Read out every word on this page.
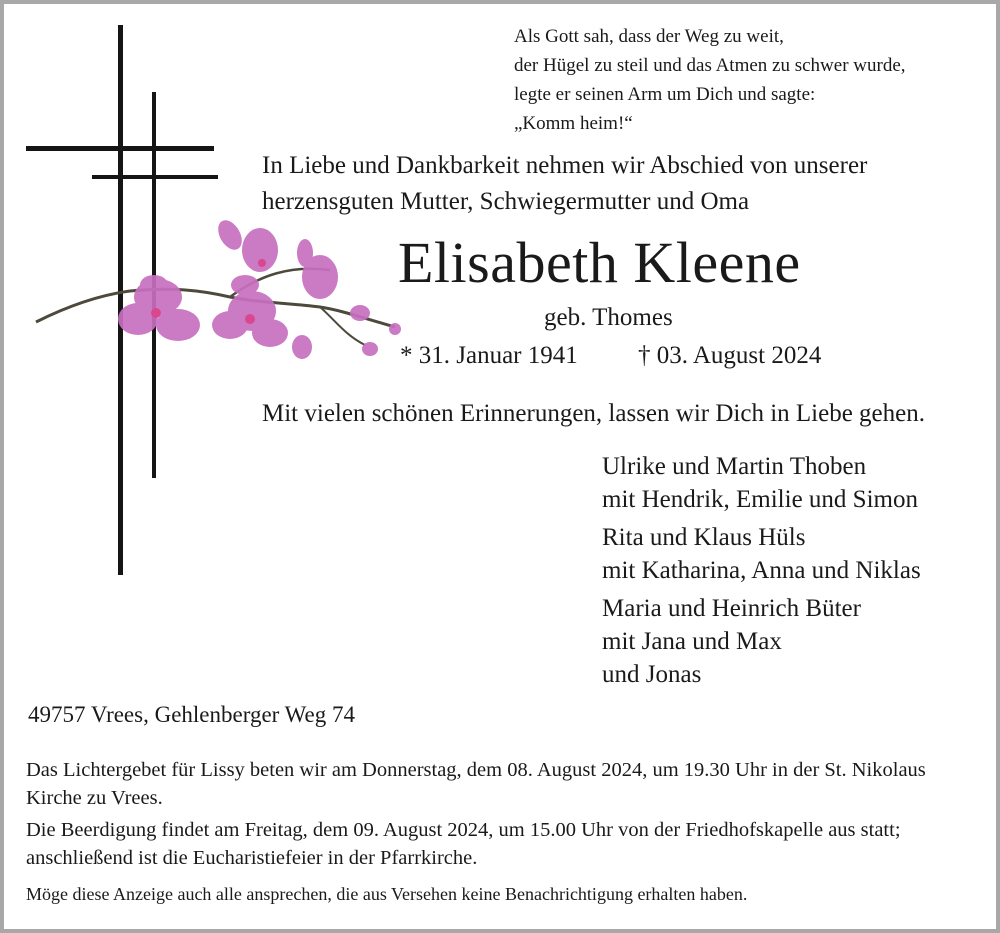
Als Gott sah, dass der Weg zu weit,
der Hügel zu steil und das Atmen zu schwer wurde,
legte er seinen Arm um Dich und sagte:
„Komm heim!“
In Liebe und Dankbarkeit nehmen wir Abschied von unserer
herzensguten Mutter, Schwiegermutter und Oma
Elisabeth Kleene
geb. Thomes
* 31. Januar 1941 † 03. August 2024
Mit vielen schönen Erinnerungen, lassen wir Dich in Liebe gehen.
Ulrike und Martin Thoben
mit Hendrik, Emilie und Simon
Rita und Klaus Hüls
mit Katharina, Anna und Niklas
Maria und Heinrich Büter
mit Jana und Max
und Jonas
49757 Vrees, Gehlenberger Weg 74

Das Lichtergebet für Lissy beten wir am Donnerstag, dem 08. August 2024, um 19.30 Uhr in der St. Nikolaus Kirche zu Vrees.

Die Beerdigung findet am Freitag, dem 09. August 2024, um 15.00 Uhr von der Friedhofskapelle aus statt; anschließend ist die Eucharistiefeier in der Pfarrkirche.

Möge diese Anzeige auch alle ansprechen, die aus Versehen keine Benachrichtigung erhalten haben.
